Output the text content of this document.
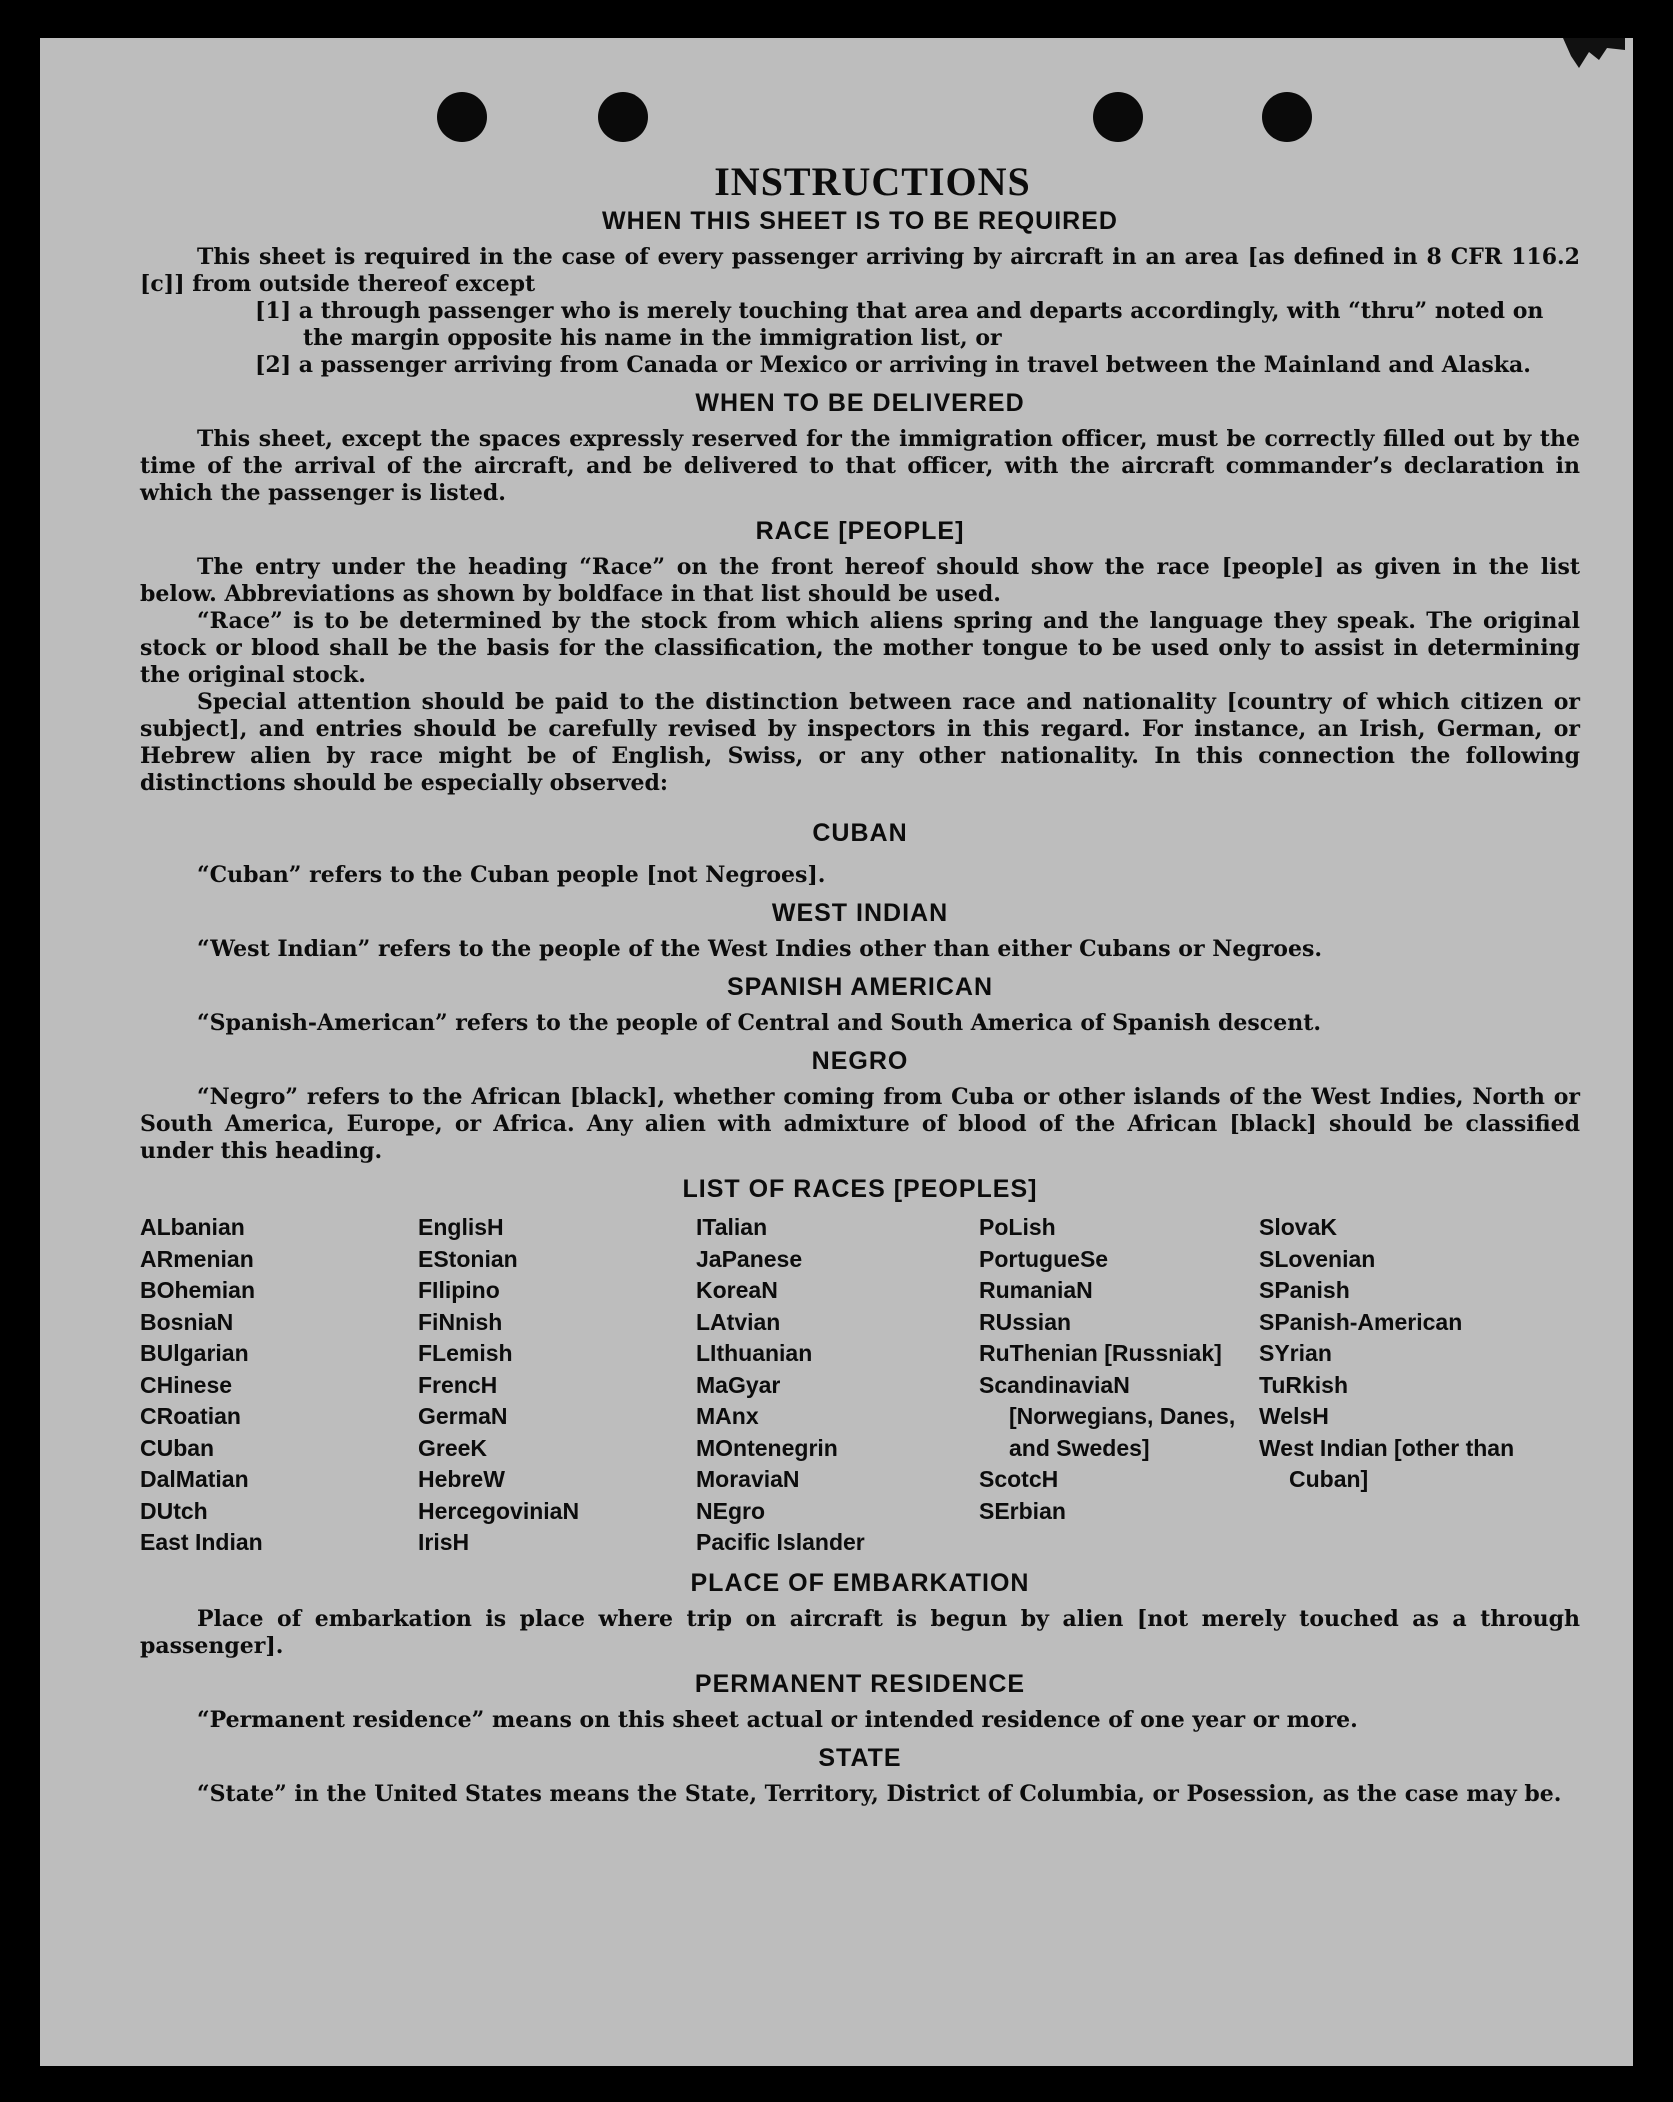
INSTRUCTIONS
WHEN THIS SHEET IS TO BE REQUIRED
This sheet is required in the case of every passenger arriving by aircraft in an area [as defined in 8 CFR 116.2 [c]] from outside thereof except
[1] a through passenger who is merely touching that area and departs accordingly, with “thru” noted on the margin opposite his name in the immigration list, or
[2] a passenger arriving from Canada or Mexico or arriving in travel between the Mainland and Alaska.
WHEN TO BE DELIVERED
This sheet, except the spaces expressly reserved for the immigration officer, must be correctly filled out by the time of the arrival of the aircraft, and be delivered to that officer, with the aircraft commander’s declaration in which the passenger is listed.
RACE [PEOPLE]
The entry under the heading “Race” on the front hereof should show the race [people] as given in the list below. Abbreviations as shown by boldface in that list should be used.
“Race” is to be determined by the stock from which aliens spring and the language they speak. The original stock or blood shall be the basis for the classification, the mother tongue to be used only to assist in determining the original stock.
Special attention should be paid to the distinction between race and nationality [country of which citizen or subject], and entries should be carefully revised by inspectors in this regard. For instance, an Irish, German, or Hebrew alien by race might be of English, Swiss, or any other nationality. In this connection the following distinctions should be especially observed:
CUBAN
“Cuban” refers to the Cuban people [not Negroes].
WEST INDIAN
“West Indian” refers to the people of the West Indies other than either Cubans or Negroes.
SPANISH AMERICAN
“Spanish-American” refers to the people of Central and South America of Spanish descent.
NEGRO
“Negro” refers to the African [black], whether coming from Cuba or other islands of the West Indies, North or South America, Europe, or Africa. Any alien with admixture of blood of the African [black] should be classified under this heading.
LIST OF RACES [PEOPLES]
ALbanian
ARmenian
BOhemian
BosniaN
BUlgarian
CHinese
CRoatian
CUban
DalMatian
DUtch
East Indian
EnglisH
EStonian
FIlipino
FiNnish
FLemish
FrencH
GermaN
GreeK
HebreW
HercegoviniaN
IrisH
ITalian
JaPanese
KoreaN
LAtvian
LIthuanian
MaGyar
MAnx
MOntenegrin
MoraviaN
NEgro
Pacific Islander
PoLish
PortugueSe
RumaniaN
RUssian
RuThenian [Russniak]
ScandinaviaN [Norwegians, Danes, and Swedes]
ScotcH
SErbian
SlovaK
SLovenian
SPanish
SPanish-American
SYrian
TuRkish
WelsH
West Indian [other than Cuban]
PLACE OF EMBARKATION
Place of embarkation is place where trip on aircraft is begun by alien [not merely touched as a through passenger].
PERMANENT RESIDENCE
“Permanent residence” means on this sheet actual or intended residence of one year or more.
STATE
“State” in the United States means the State, Territory, District of Columbia, or Posession, as the case may be.
